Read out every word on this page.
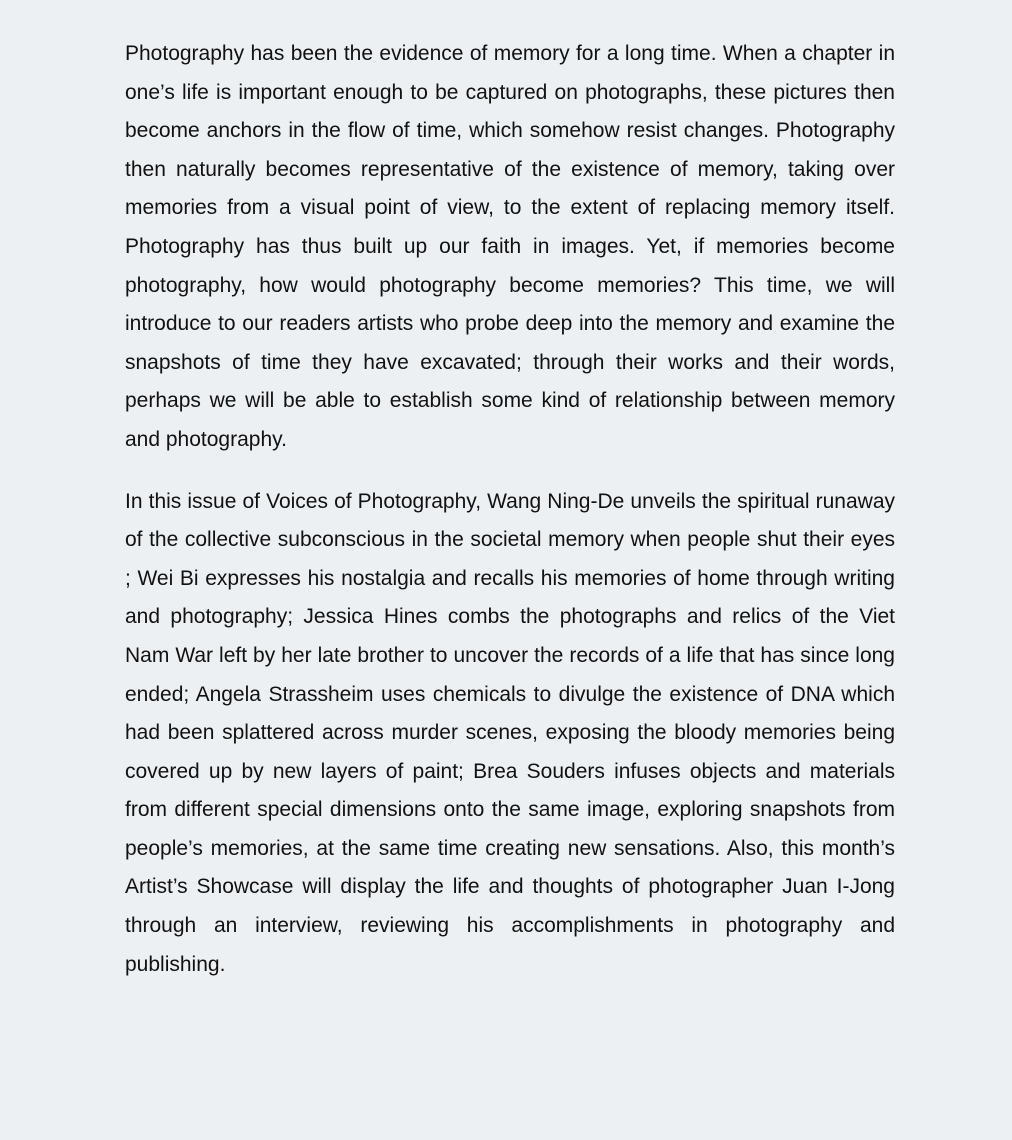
Photography has been the evidence of memory for a long time. When a chapter in one’s life is important enough to be captured on photographs, these pictures then become anchors in the flow of time, which somehow resist changes. Photography then naturally becomes representative of the existence of memory, taking over memories from a visual point of view, to the extent of replacing memory itself. Photography has thus built up our faith in images. Yet, if memories become photography, how would photography become memories? This time, we will introduce to our readers artists who probe deep into the memory and examine the snapshots of time they have excavated; through their works and their words, perhaps we will be able to establish some kind of relationship between memory and photography.

In this issue of Voices of Photography, Wang Ning-De unveils the spiritual runaway of the collective subconscious in the societal memory when people shut their eyes ; Wei Bi expresses his nostalgia and recalls his memories of home through writing and photography; Jessica Hines combs the photographs and relics of the Viet Nam War left by her late brother to uncover the records of a life that has since long ended; Angela Strassheim uses chemicals to divulge the existence of DNA which had been splattered across murder scenes, exposing the bloody memories being covered up by new layers of paint; Brea Souders infuses objects and materials from different special dimensions onto the same image, exploring snapshots from people’s memories, at the same time creating new sensations. Also, this month’s Artist’s Showcase will display the life and thoughts of photographer Juan I-Jong through an interview, reviewing his accomplishments in photography and publishing.
